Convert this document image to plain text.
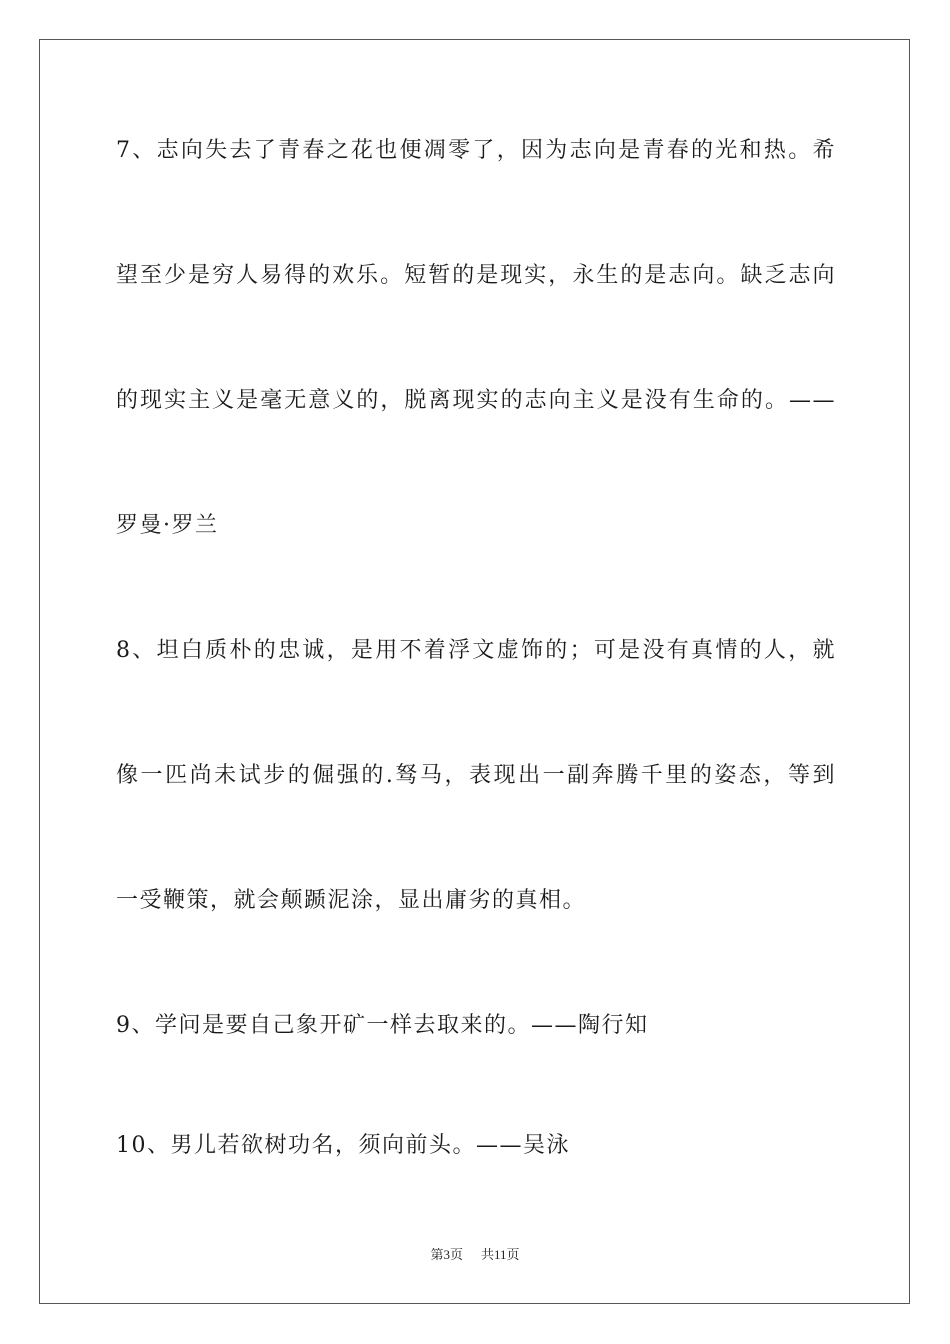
7、志向失去了青春之花也便凋零了，因为志向是青春的光和热。希
望至少是穷人易得的欢乐。短暂的是现实，永生的是志向。缺乏志向
的现实主义是毫无意义的，脱离现实的志向主义是没有生命的。——
罗曼·罗兰
8、坦白质朴的忠诚，是用不着浮文虚饰的；可是没有真情的人，就
像一匹尚未试步的倔强的.驽马，表现出一副奔腾千里的姿态，等到
一受鞭策，就会颠踬泥涂，显出庸劣的真相。
9、学问是要自己象开矿一样去取来的。——陶行知
10、男儿若欲树功名，须向前头。——吴泳
第3页 共11页
